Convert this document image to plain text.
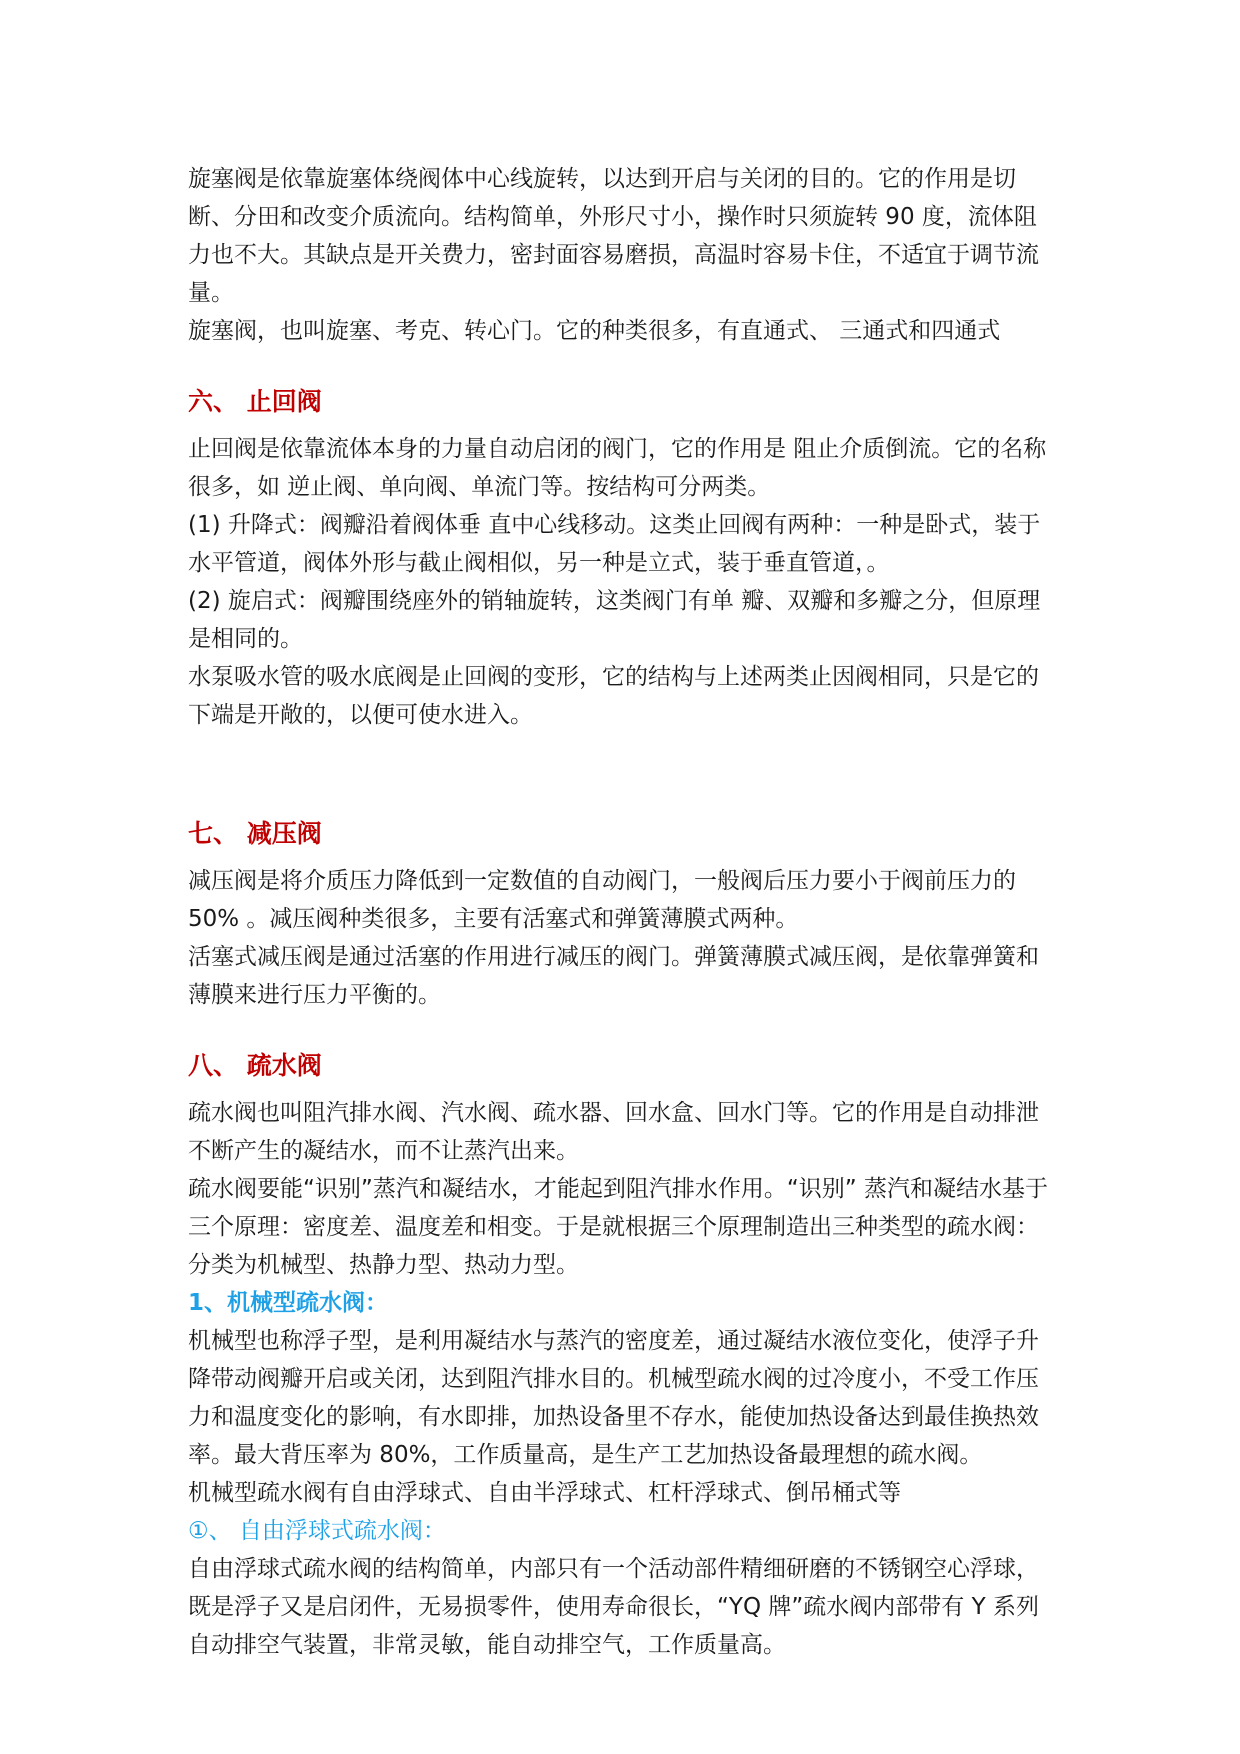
旋塞阀是依靠旋塞体绕阀体中心线旋转，以达到开启与关闭的目的。它的作用是切断、分田和改变介质流向。结构简单，外形尺寸小，操作时只须旋转 90 度，流体阻力也不大。其缺点是开关费力，密封面容易磨损，高温时容易卡住，不适宜于调节流量。

旋塞阀，也叫旋塞、考克、转心门。它的种类很多，有直通式、 三通式和四通式

六、 止回阀

止回阀是依靠流体本身的力量自动启闭的阀门，它的作用是 阻止介质倒流。它的名称很多，如 逆止阀、单向阀、单流门等。按结构可分两类。

(1) 升降式：阀瓣沿着阀体垂 直中心线移动。这类止回阀有两种：一种是卧式，装于水平管道，阀体外形与截止阀相似，另一种是立式，装于垂直管道，。

(2) 旋启式：阀瓣围绕座外的销轴旋转，这类阀门有单 瓣、双瓣和多瓣之分，但原理是相同的。

水泵吸水管的吸水底阀是止回阀的变形，它的结构与上述两类止因阀相同，只是它的下端是开敞的，以便可使水进入。

七、 减压阀

减压阀是将介质压力降低到一定数值的自动阀门，一般阀后压力要小于阀前压力的 50% 。减压阀种类很多，主要有活塞式和弹簧薄膜式两种。

活塞式减压阀是通过活塞的作用进行减压的阀门。弹簧薄膜式减压阀，是依靠弹簧和薄膜来进行压力平衡的。

八、 疏水阀

疏水阀也叫阻汽排水阀、汽水阀、疏水器、回水盒、回水门等。它的作用是自动排泄不断产生的凝结水，而不让蒸汽出来。

疏水阀要能“识别”蒸汽和凝结水，才能起到阻汽排水作用。“识别” 蒸汽和凝结水基于三个原理：密度差、温度差和相变。于是就根据三个原理制造出三种类型的疏水阀：分类为机械型、热静力型、热动力型。

1、机械型疏水阀：

机械型也称浮子型，是利用凝结水与蒸汽的密度差，通过凝结水液位变化，使浮子升降带动阀瓣开启或关闭，达到阻汽排水目的。机械型疏水阀的过冷度小，不受工作压力和温度变化的影响，有水即排，加热设备里不存水，能使加热设备达到最佳换热效率。最大背压率为 80%，工作质量高，是生产工艺加热设备最理想的疏水阀。

机械型疏水阀有自由浮球式、自由半浮球式、杠杆浮球式、倒吊桶式等

①、 自由浮球式疏水阀：

自由浮球式疏水阀的结构简单，内部只有一个活动部件精细研磨的不锈钢空心浮球，既是浮子又是启闭件，无易损零件，使用寿命很长，“YQ 牌”疏水阀内部带有 Y 系列自动排空气装置，非常灵敏，能自动排空气，工作质量高。
